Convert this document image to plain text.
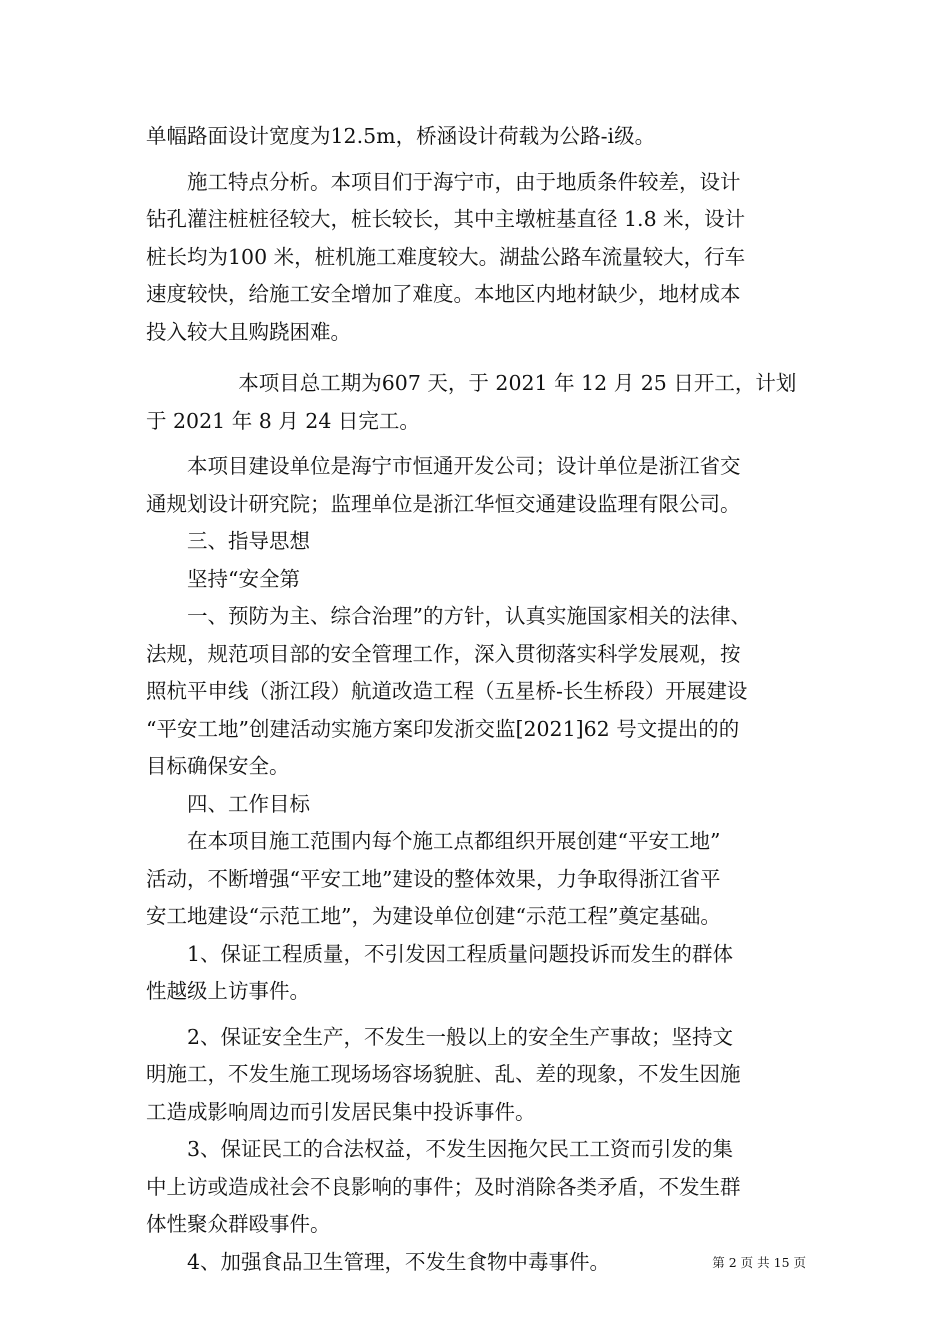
单幅路面设计宽度为12.5m，桥涵设计荷载为公路-i级。

施工特点分析。本项目们于海宁市，由于地质条件较差，设计

钻孔灌注桩桩径较大，桩长较长，其中主墩桩基直径 1.8 米，设计

桩长均为100 米，桩机施工难度较大。湖盐公路车流量较大，行车

速度较快，给施工安全增加了难度。本地区内地材缺少，地材成本

投入较大且购跷困难。

本项目总工期为607 天，于 2021 年 12 月 25 日开工，计划

于 2021 年 8 月 24 日完工。

本项目建设单位是海宁市恒通开发公司；设计单位是浙江省交

通规划设计研究院；监理单位是浙江华恒交通建设监理有限公司。

三、指导思想

坚持“安全第

一、预防为主、综合治理”的方针，认真实施国家相关的法律、

法规，规范项目部的安全管理工作，深入贯彻落实科学发展观，按

照杭平申线（浙江段）航道改造工程（五星桥-长生桥段）开展建设

“平安工地”创建活动实施方案印发浙交监[2021]62 号文提出的的

目标确保安全。

四、工作目标

在本项目施工范围内每个施工点都组织开展创建“平安工地”

活动，不断增强“平安工地”建设的整体效果，力争取得浙江省平

安工地建设“示范工地”，为建设单位创建“示范工程”奠定基础。

1、保证工程质量，不引发因工程质量问题投诉而发生的群体

性越级上访事件。

2、保证安全生产，不发生一般以上的安全生产事故；坚持文

明施工，不发生施工现场场容场貌脏、乱、差的现象，不发生因施

工造成影响周边而引发居民集中投诉事件。

3、保证民工的合法权益，不发生因拖欠民工工资而引发的集

中上访或造成社会不良影响的事件；及时消除各类矛盾，不发生群

体性聚众群殴事件。

4、加强食品卫生管理，不发生食物中毒事件。	第 2 页 共 15 页
